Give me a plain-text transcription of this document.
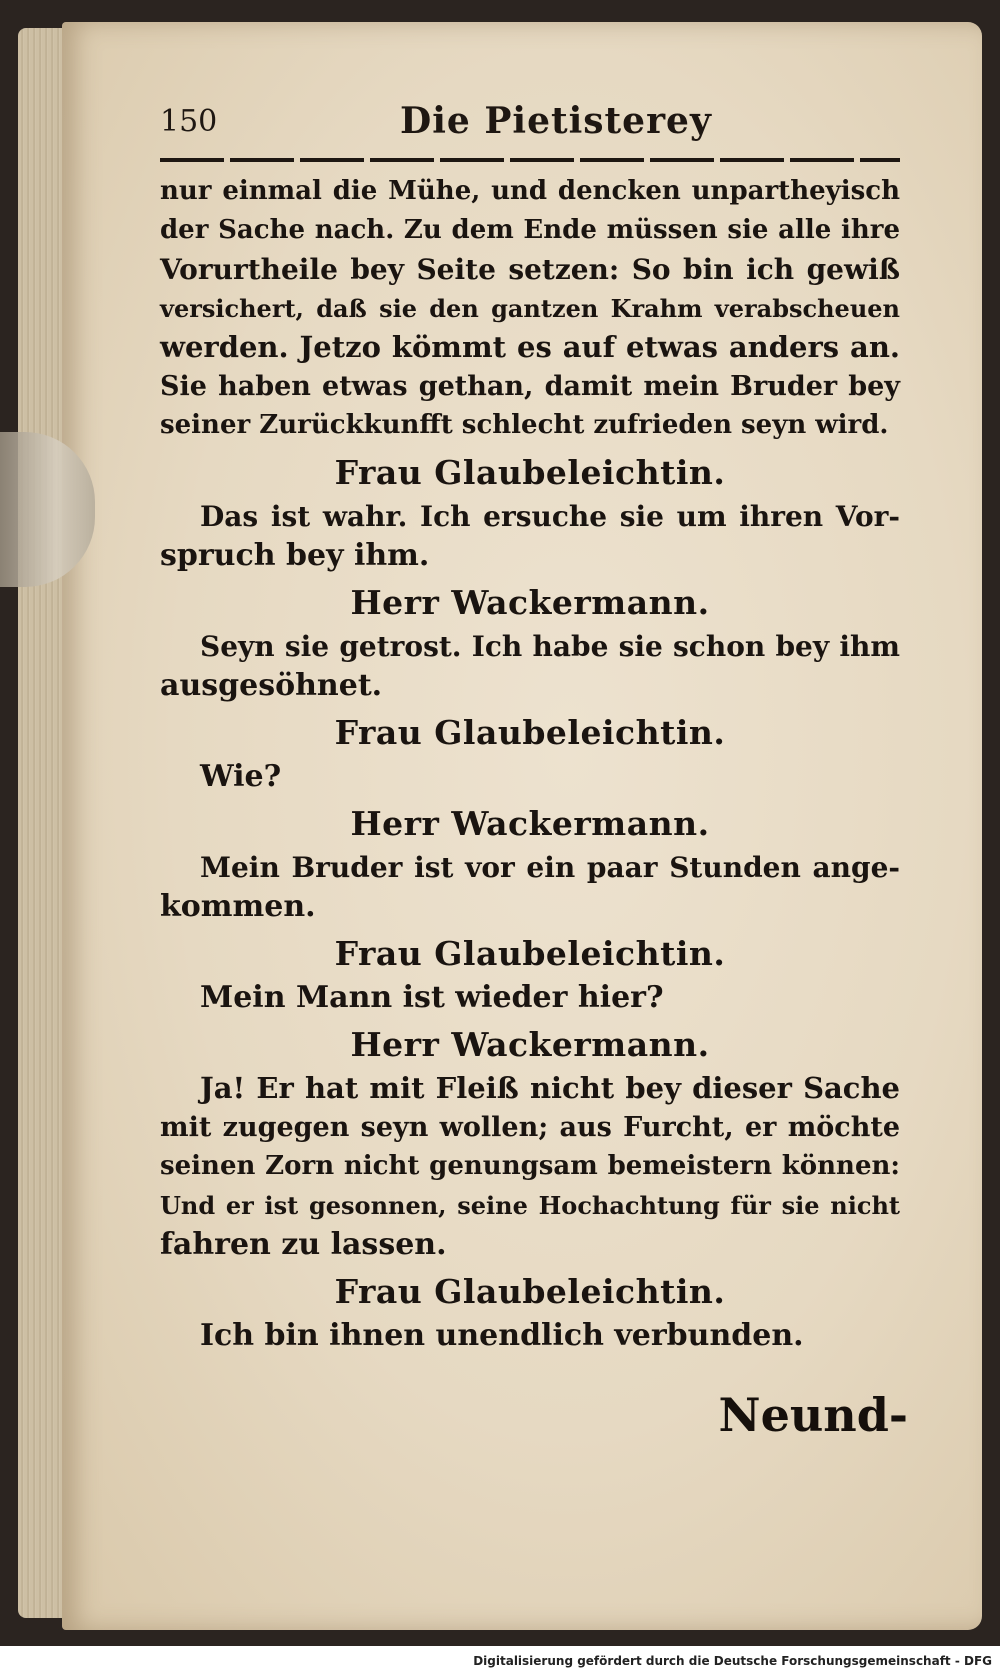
150	Die Pietisterey
nur einmal die Mühe, und dencken unpartheyisch
der Sache nach. Zu dem Ende müssen sie alle ihre
Vorurtheile bey Seite setzen: So bin ich gewiß
versichert, daß sie den gantzen Krahm verabscheuen
werden. Jetzo kömmt es auf etwas anders an.
Sie haben etwas gethan, damit mein Bruder bey
seiner Zurückkunfft schlecht zufrieden seyn wird.
Frau Glaubeleichtin.
Das ist wahr. Ich ersuche sie um ihren Vor-
spruch bey ihm.
Herr Wackermann.
Seyn sie getrost. Ich habe sie schon bey ihm
ausgesöhnet.
Frau Glaubeleichtin.
Wie?
Herr Wackermann.
Mein Bruder ist vor ein paar Stunden ange-
kommen.
Frau Glaubeleichtin.
Mein Mann ist wieder hier?
Herr Wackermann.
Ja! Er hat mit Fleiß nicht bey dieser Sache
mit zugegen seyn wollen; aus Furcht, er möchte
seinen Zorn nicht genungsam bemeistern können:
Und er ist gesonnen, seine Hochachtung für sie nicht
fahren zu lassen.
Frau Glaubeleichtin.
Ich bin ihnen unendlich verbunden.
Neund-
Digitalisierung gefördert durch die Deutsche Forschungsgemeinschaft - DFG
